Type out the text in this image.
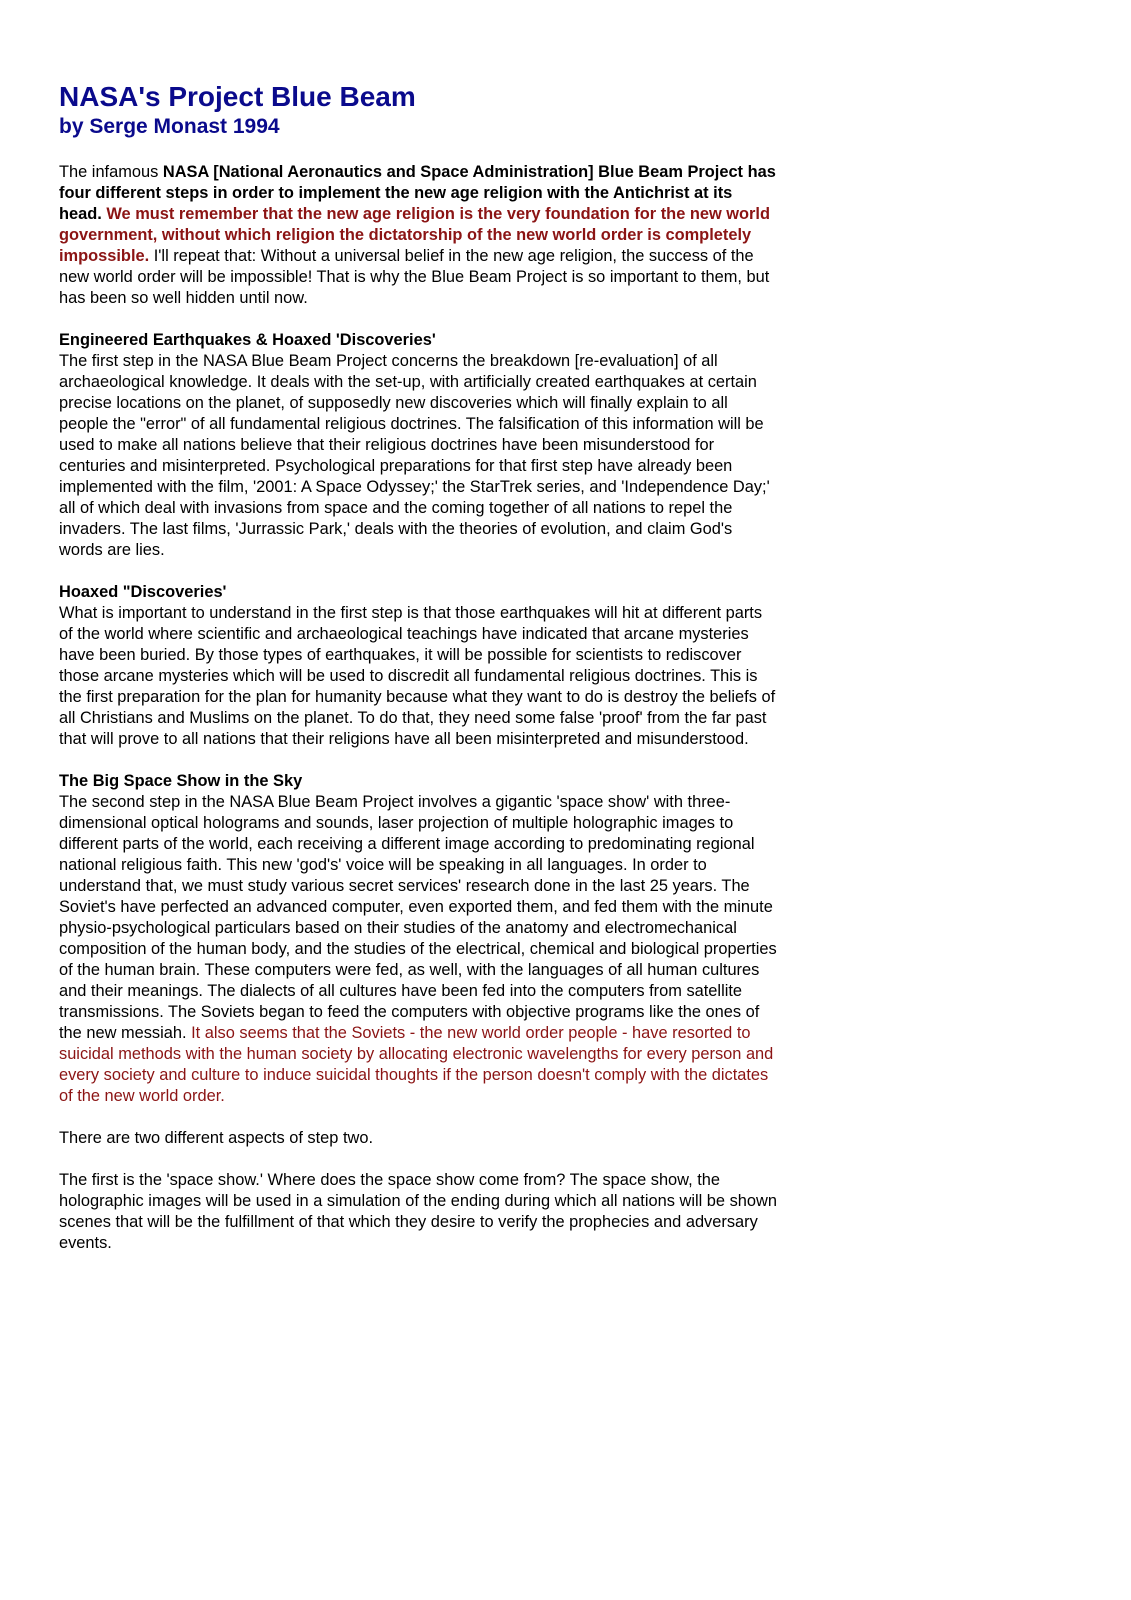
NASA's Project Blue Beam
by Serge Monast 1994

The infamous NASA [National Aeronautics and Space Administration] Blue Beam Project has four different steps in order to implement the new age religion with the Antichrist at its head. We must remember that the new age religion is the very foundation for the new world government, without which religion the dictatorship of the new world order is completely impossible. I'll repeat that: Without a universal belief in the new age religion, the success of the new world order will be impossible! That is why the Blue Beam Project is so important to them, but has been so well hidden until now.

Engineered Earthquakes & Hoaxed 'Discoveries'
The first step in the NASA Blue Beam Project concerns the breakdown [re-evaluation] of all archaeological knowledge. It deals with the set-up, with artificially created earthquakes at certain precise locations on the planet, of supposedly new discoveries which will finally explain to all people the "error" of all fundamental religious doctrines. The falsification of this information will be used to make all nations believe that their religious doctrines have been misunderstood for centuries and misinterpreted. Psychological preparations for that first step have already been implemented with the film, '2001: A Space Odyssey;' the StarTrek series, and 'Independence Day;' all of which deal with invasions from space and the coming together of all nations to repel the invaders. The last films, 'Jurrassic Park,' deals with the theories of evolution, and claim God's words are lies.

Hoaxed "Discoveries'
What is important to understand in the first step is that those earthquakes will hit at different parts of the world where scientific and archaeological teachings have indicated that arcane mysteries have been buried. By those types of earthquakes, it will be possible for scientists to rediscover those arcane mysteries which will be used to discredit all fundamental religious doctrines. This is the first preparation for the plan for humanity because what they want to do is destroy the beliefs of all Christians and Muslims on the planet. To do that, they need some false 'proof' from the far past that will prove to all nations that their religions have all been misinterpreted and misunderstood.

The Big Space Show in the Sky
The second step in the NASA Blue Beam Project involves a gigantic 'space show' with three-dimensional optical holograms and sounds, laser projection of multiple holographic images to different parts of the world, each receiving a different image according to predominating regional national religious faith. This new 'god's' voice will be speaking in all languages. In order to understand that, we must study various secret services' research done in the last 25 years. The Soviet's have perfected an advanced computer, even exported them, and fed them with the minute physio-psychological particulars based on their studies of the anatomy and electromechanical composition of the human body, and the studies of the electrical, chemical and biological properties of the human brain. These computers were fed, as well, with the languages of all human cultures and their meanings. The dialects of all cultures have been fed into the computers from satellite transmissions. The Soviets began to feed the computers with objective programs like the ones of the new messiah. It also seems that the Soviets - the new world order people - have resorted to suicidal methods with the human society by allocating electronic wavelengths for every person and every society and culture to induce suicidal thoughts if the person doesn't comply with the dictates of the new world order.

There are two different aspects of step two.

The first is the 'space show.' Where does the space show come from? The space show, the holographic images will be used in a simulation of the ending during which all nations will be shown scenes that will be the fulfillment of that which they desire to verify the prophecies and adversary events.
